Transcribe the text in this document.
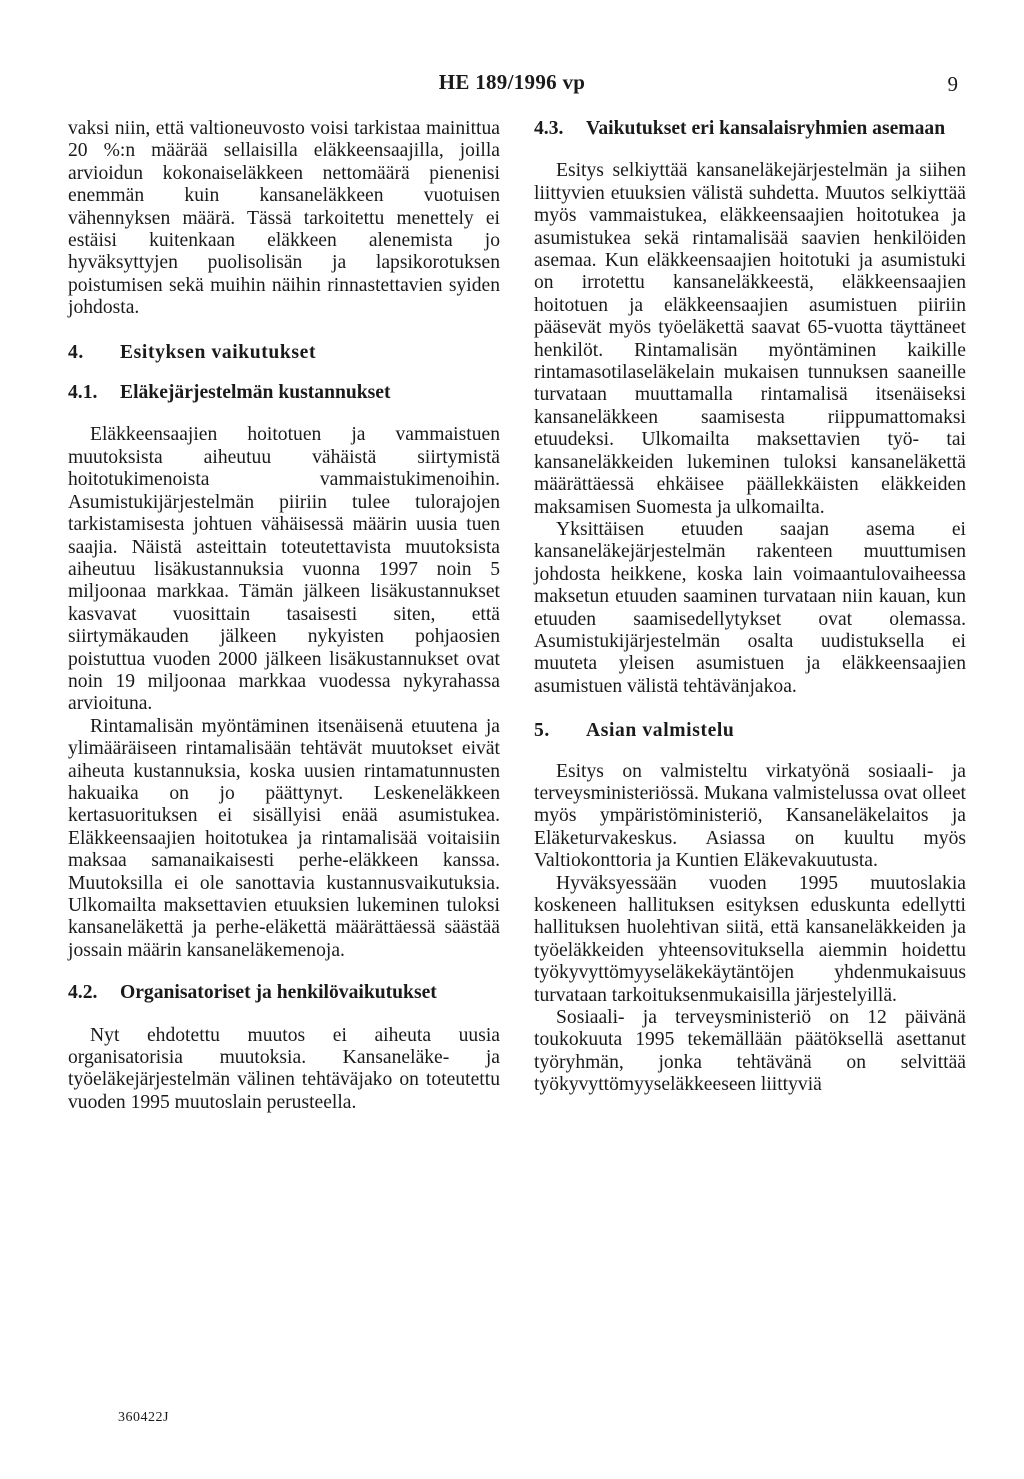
HE 189/1996 vp	9

vaksi niin, että valtioneuvosto voisi tarkistaa mainittua 20 %:n määrää sellaisilla eläkkeensaajilla, joilla arvioidun kokonaiseläkkeen nettomäärä pienenisi enemmän kuin kansaneläkkeen vuotuisen vähennyksen määrä. Tässä tarkoitettu menettely ei estäisi kuitenkaan eläkkeen alenemista jo hyväksyttyjen puolisolisän ja lapsikorotuksen poistumisen sekä muihin näihin rinnastettavien syiden johdosta.

4.	Esityksen vaikutukset
4.1.	Eläkejärjestelmän kustannukset

Eläkkeensaajien hoitotuen ja vammaistuen muutoksista aiheutuu vähäistä siirtymistä hoitotukimenoista vammaistukimenoihin. Asumistukijärjestelmän piiriin tulee tulorajojen tarkistamisesta johtuen vähäisessä määrin uusia tuen saajia. Näistä asteittain toteutettavista muutoksista aiheutuu lisäkustannuksia vuonna 1997 noin 5 miljoonaa markkaa. Tämän jälkeen lisäkustannukset kasvavat vuosittain tasaisesti siten, että siirtymäkauden jälkeen nykyisten pohjaosien poistuttua vuoden 2000 jälkeen lisäkustannukset ovat noin 19 miljoonaa markkaa vuodessa nykyrahassa arvioituna.

Rintamalisän myöntäminen itsenäisenä etuutena ja ylimääräiseen rintamalisään tehtävät muutokset eivät aiheuta kustannuksia, koska uusien rintamatunnusten hakuaika on jo päättynyt. Leskeneläkkeen kertasuorituksen ei sisällyisi enää asumistukea. Eläkkeensaajien hoitotukea ja rintamalisää voitaisiin maksaa samanaikaisesti perhe-eläkkeen kanssa. Muutoksilla ei ole sanottavia kustannusvaikutuksia. Ulkomailta maksettavien etuuksien lukeminen tuloksi kansaneläkettä ja perhe-eläkettä määrättäessä säästää jossain määrin kansaneläkemenoja.

4.2.	Organisatoriset ja henkilövaikutukset

Nyt ehdotettu muutos ei aiheuta uusia organisatorisia muutoksia. Kansaneläke- ja työeläkejärjestelmän välinen tehtäväjako on toteutettu vuoden 1995 muutoslain perusteella.

4.3.	Vaikutukset eri kansalaisryhmien asemaan

Esitys selkiyttää kansaneläkejärjestelmän ja siihen liittyvien etuuksien välistä suhdetta. Muutos selkiyttää myös vammaistukea, eläkkeensaajien hoitotukea ja asumistukea sekä rintamalisää saavien henkilöiden asemaa. Kun eläkkeensaajien hoitotuki ja asumistuki on irrotettu kansaneläkkeestä, eläkkeensaajien hoitotuen ja eläkkeensaajien asumistuen piiriin pääsevät myös työeläkettä saavat 65-vuotta täyttäneet henkilöt. Rintamalisän myöntäminen kaikille rintamasotilaseläkelain mukaisen tunnuksen saaneille turvataan muuttamalla rintamalisä itsenäiseksi kansaneläkkeen saamisesta riippumattomaksi etuudeksi. Ulkomailta maksettavien työ- tai kansaneläkkeiden lukeminen tuloksi kansaneläkettä määrättäessä ehkäisee päällekkäisten eläkkeiden maksamisen Suomesta ja ulkomailta.

Yksittäisen etuuden saajan asema ei kansaneläkejärjestelmän rakenteen muuttumisen johdosta heikkene, koska lain voimaantulovaiheessa maksetun etuuden saaminen turvataan niin kauan, kun etuuden saamisedellytykset ovat olemassa. Asumistukijärjestelmän osalta uudistuksella ei muuteta yleisen asumistuen ja eläkkeensaajien asumistuen välistä tehtävänjakoa.

5.	Asian valmistelu

Esitys on valmisteltu virkatyönä sosiaali- ja terveysministeriössä. Mukana valmistelussa ovat olleet myös ympäristöministeriö, Kansaneläkelaitos ja Eläketurvakeskus. Asiassa on kuultu myös Valtiokonttoria ja Kuntien Eläkevakuutusta.

Hyväksyessään vuoden 1995 muutoslakia koskeneen hallituksen esityksen eduskunta edellytti hallituksen huolehtivan siitä, että kansaneläkkeiden ja työeläkkeiden yhteensovituksella aiemmin hoidettu työkyvyttömyyseläkekäytäntöjen yhdenmukaisuus turvataan tarkoituksenmukaisilla järjestelyillä.

Sosiaali- ja terveysministeriö on 12 päivänä toukokuuta 1995 tekemällään päätöksellä asettanut työryhmän, jonka tehtävänä on selvittää työkyvyttömyyseläkkeeseen liittyviä

360422J
